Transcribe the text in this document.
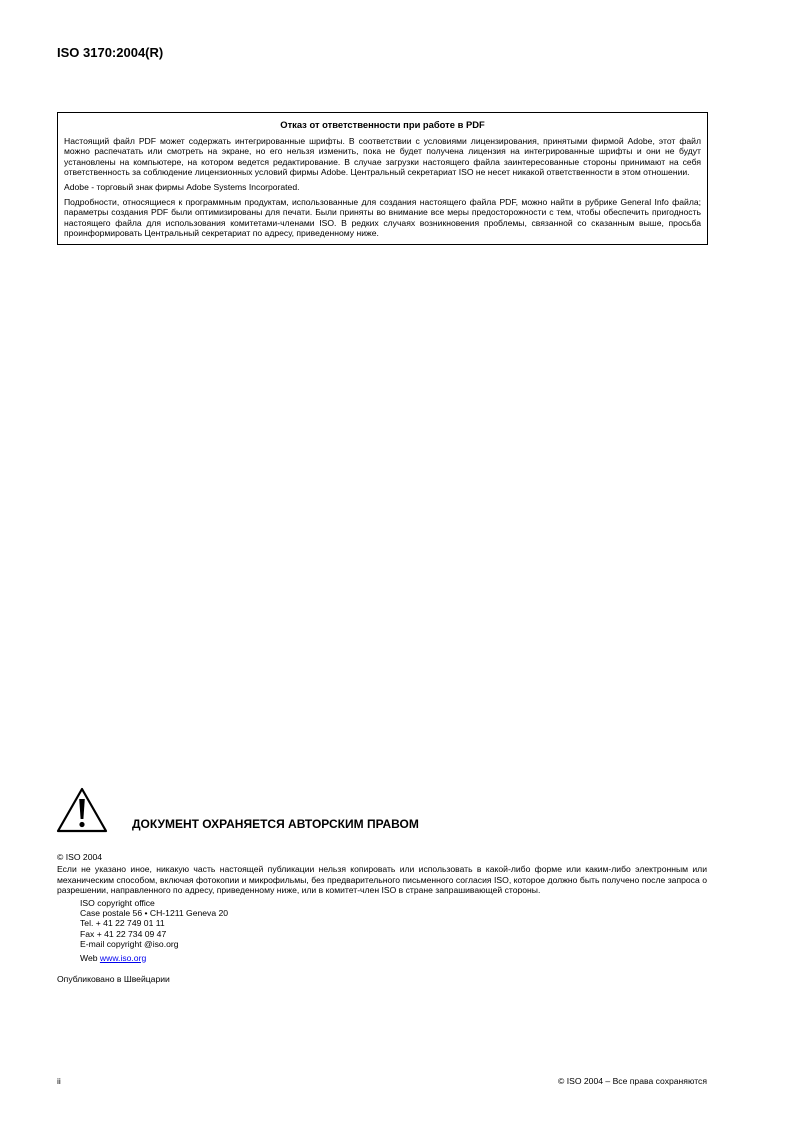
ISO 3170:2004(R)
Отказ от ответственности при работе в PDF

Настоящий файл PDF может содержать интегрированные шрифты. В соответствии с условиями лицензирования, принятыми фирмой Adobe, этот файл можно распечатать или смотреть на экране, но его нельзя изменить, пока не будет получена лицензия на интегрированные шрифты и они не будут установлены на компьютере, на котором ведется редактирование. В случае загрузки настоящего файла заинтересованные стороны принимают на себя ответственность за соблюдение лицензионных условий фирмы Adobe. Центральный секретариат ISO не несет никакой ответственности в этом отношении.

Adobe - торговый знак фирмы Adobe Systems Incorporated.

Подробности, относящиеся к программным продуктам, использованные для создания настоящего файла PDF, можно найти в рубрике General Info файла; параметры создания PDF были оптимизированы для печати. Были приняты во внимание все меры предосторожности с тем, чтобы обеспечить пригодность настоящего файла для использования комитетами-членами ISO. В редких случаях возникновения проблемы, связанной со сказанным выше, просьба проинформировать Центральный секретариат по адресу, приведенному ниже.

ДОКУМЕНТ ОХРАНЯЕТСЯ АВТОРСКИМ ПРАВОМ

© ISO 2004

Если не указано иное, никакую часть настоящей публикации нельзя копировать или использовать в какой-либо форме или каким-либо электронным или механическим способом, включая фотокопии и микрофильмы, без предварительного письменного согласия ISO, которое должно быть получено после запроса о разрешении, направленного по адресу, приведенному ниже, или в комитет-член ISO в стране запрашивающей стороны.

ISO copyright office
Case postale 56 • CH-1211 Geneva 20
Tel. + 41 22 749 01 11
Fax + 41 22 734 09 47
E-mail copyright @iso.org
Web www.iso.org

Опубликовано в Швейцарии

ii	© ISO 2004 – Все права сохраняются
